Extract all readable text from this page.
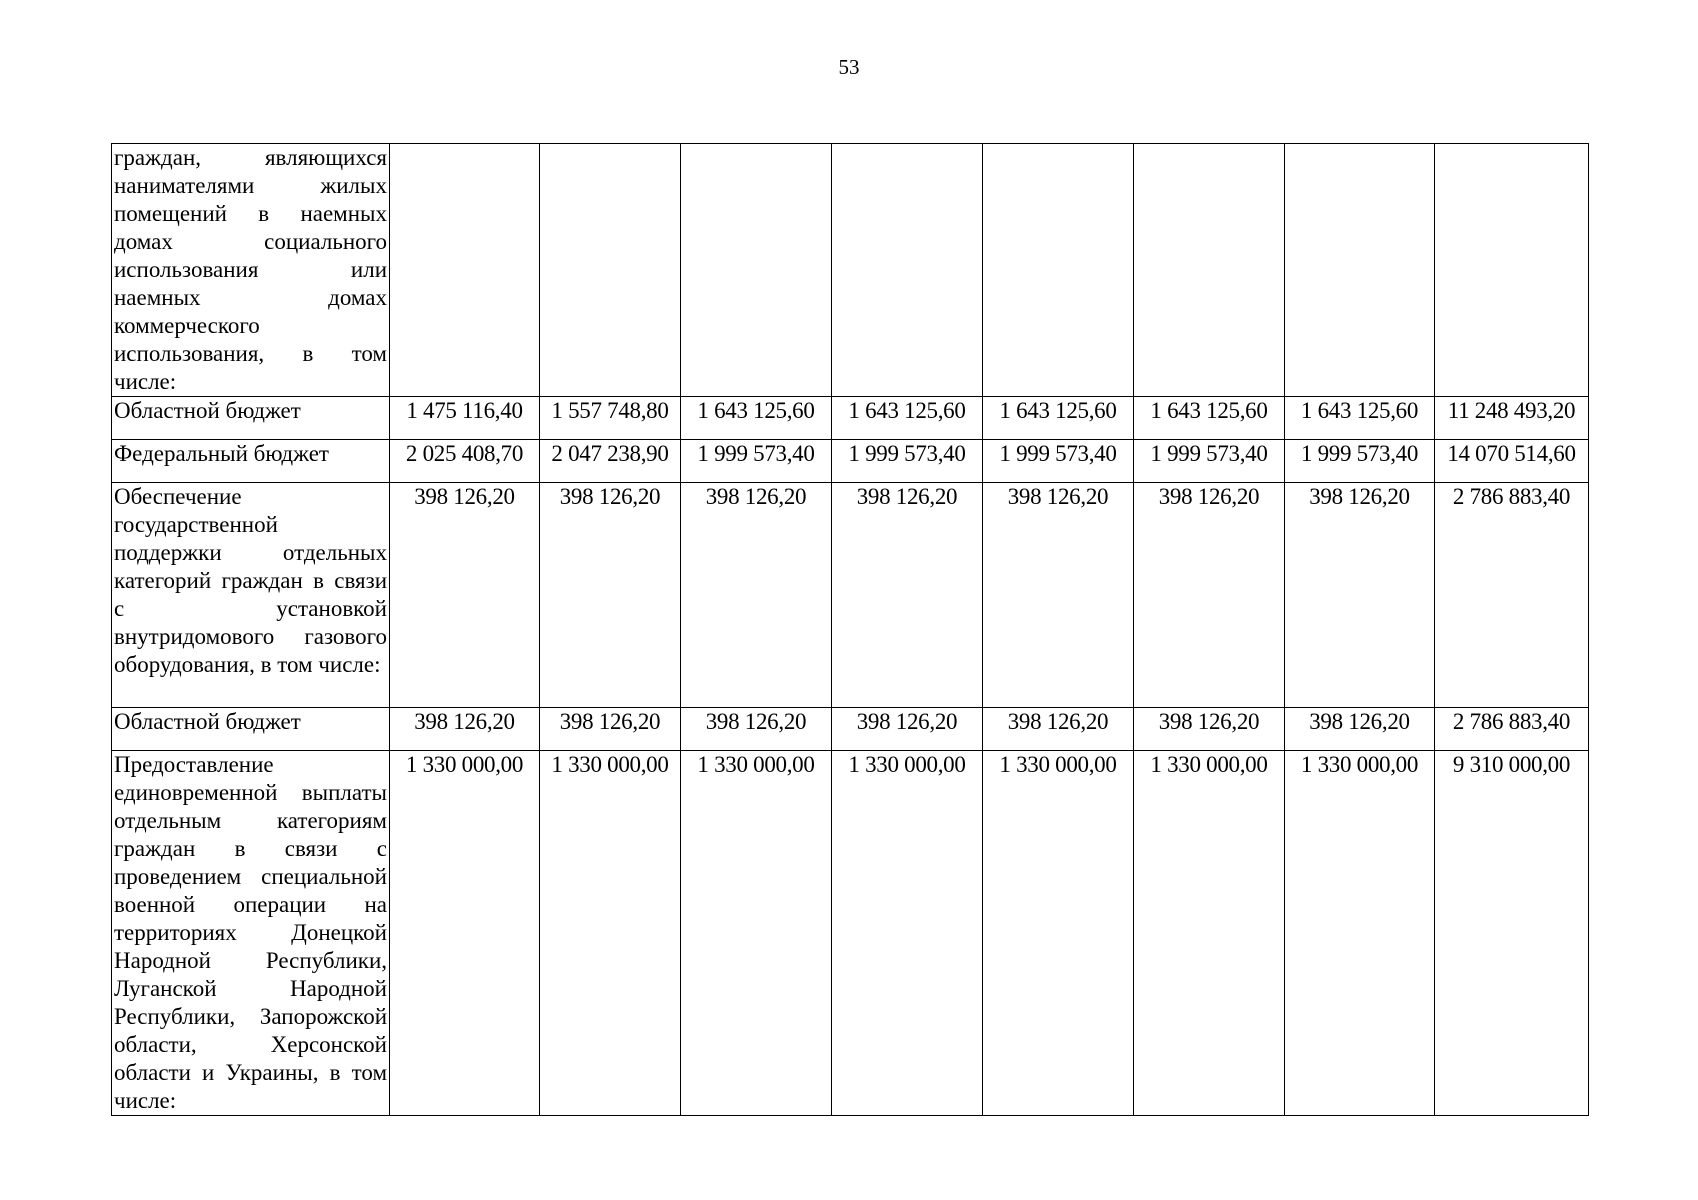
53
граждан, являющихся нанимателями жилых помещений в наемных домах социального использования или наемных домах коммерческого использования, в том числе:								
Областной бюджет	1 475 116,40	1 557 748,80	1 643 125,60	1 643 125,60	1 643 125,60	1 643 125,60	1 643 125,60	11 248 493,20
Федеральный бюджет	2 025 408,70	2 047 238,90	1 999 573,40	1 999 573,40	1 999 573,40	1 999 573,40	1 999 573,40	14 070 514,60
Обеспечение государственной поддержки отдельных категорий граждан в связи с установкой внутридомового газового оборудования, в том числе:	398 126,20	398 126,20	398 126,20	398 126,20	398 126,20	398 126,20	398 126,20	2 786 883,40
Областной бюджет	398 126,20	398 126,20	398 126,20	398 126,20	398 126,20	398 126,20	398 126,20	2 786 883,40
Предоставление единовременной выплаты отдельным категориям граждан в связи с проведением специальной военной операции на территориях Донецкой Народной Республики, Луганской Народной Республики, Запорожской области, Херсонской области и Украины, в том числе:	1 330 000,00	1 330 000,00	1 330 000,00	1 330 000,00	1 330 000,00	1 330 000,00	1 330 000,00	9 310 000,00
